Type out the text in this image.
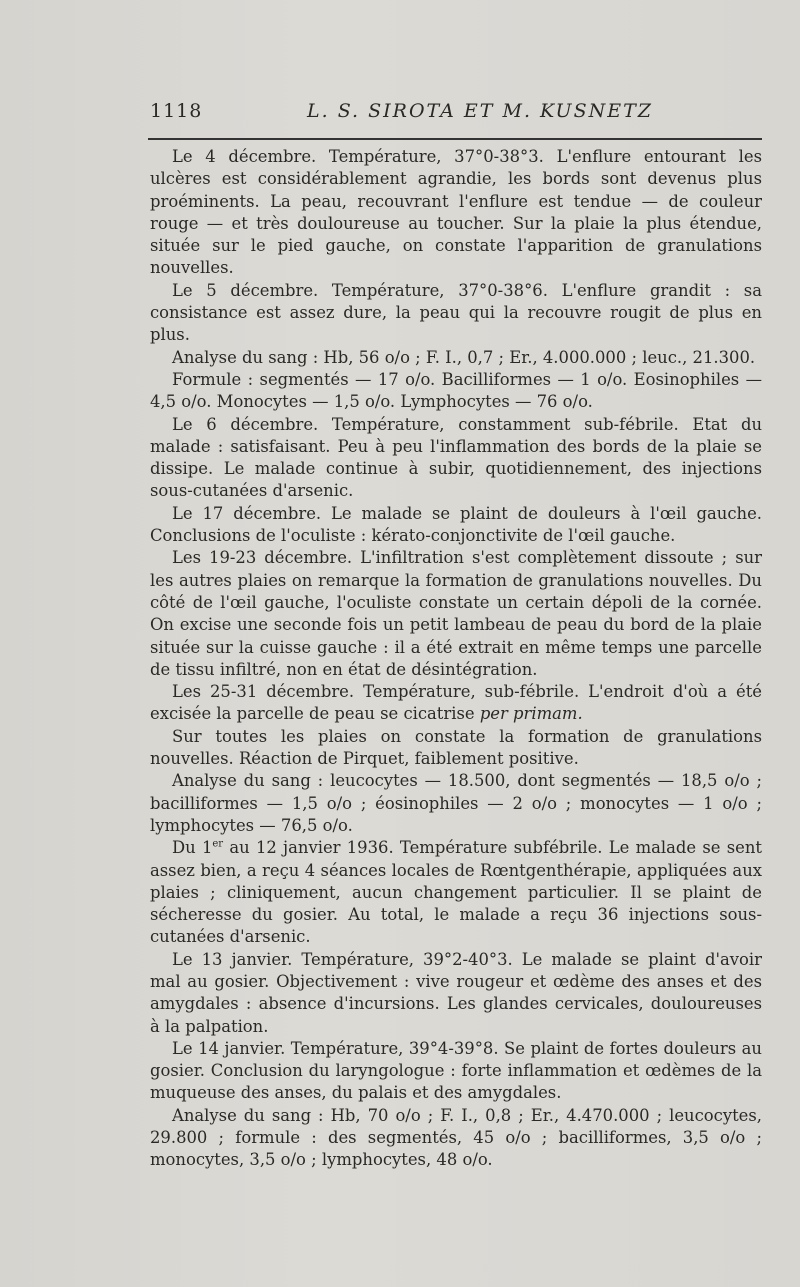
1118	L. S. SIROTA ET M. KUSNETZ

Le 4 décembre. Température, 37°0-38°3. L'enflure entourant les ulcères est considérablement agrandie, les bords sont devenus plus proéminents. La peau, recouvrant l'enflure est tendue — de couleur rouge — et très douloureuse au toucher. Sur la plaie la plus étendue, située sur le pied gauche, on constate l'apparition de granulations nouvelles.

Le 5 décembre. Température, 37°0-38°6. L'enflure grandit : sa consistance est assez dure, la peau qui la recouvre rougit de plus en plus.

Analyse du sang : Hb, 56 o/o ; F. I., 0,7 ; Er., 4.000.000 ; leuc., 21.300.

Formule : segmentés — 17 o/o. Bacilliformes — 1 o/o. Eosinophiles — 4,5 o/o. Monocytes — 1,5 o/o. Lymphocytes — 76 o/o.

Le 6 décembre. Température, constamment sub-fébrile. Etat du malade : satisfaisant. Peu à peu l'inflammation des bords de la plaie se dissipe. Le malade continue à subir, quotidiennement, des injections sous-cutanées d'arsenic.

Le 17 décembre. Le malade se plaint de douleurs à l'œil gauche. Conclusions de l'oculiste : kérato-conjonctivite de l'œil gauche.

Les 19-23 décembre. L'infiltration s'est complètement dissoute ; sur les autres plaies on remarque la formation de granulations nouvelles. Du côté de l'œil gauche, l'oculiste constate un certain dépoli de la cornée. On excise une seconde fois un petit lambeau de peau du bord de la plaie située sur la cuisse gauche : il a été extrait en même temps une parcelle de tissu infiltré, non en état de désintégration.

Les 25-31 décembre. Température, sub-fébrile. L'endroit d'où a été excisée la parcelle de peau se cicatrise per primam.

Sur toutes les plaies on constate la formation de granulations nouvelles. Réaction de Pirquet, faiblement positive.

Analyse du sang : leucocytes — 18.500, dont segmentés — 18,5 o/o ; bacilliformes — 1,5 o/o ; éosinophiles — 2 o/o ; monocytes — 1 o/o ; lymphocytes — 76,5 o/o.

Du 1er au 12 janvier 1936. Température subfébrile. Le malade se sent assez bien, a reçu 4 séances locales de Rœntgenthérapie, appliquées aux plaies ; cliniquement, aucun changement particulier. Il se plaint de sécheresse du gosier. Au total, le malade a reçu 36 injections sous-cutanées d'arsenic.

Le 13 janvier. Température, 39°2-40°3. Le malade se plaint d'avoir mal au gosier. Objectivement : vive rougeur et œdème des anses et des amygdales : absence d'incursions. Les glandes cervicales, douloureuses à la palpation.

Le 14 janvier. Température, 39°4-39°8. Se plaint de fortes douleurs au gosier. Conclusion du laryngologue : forte inflammation et œdèmes de la muqueuse des anses, du palais et des amygdales.

Analyse du sang : Hb, 70 o/o ; F. I., 0,8 ; Er., 4.470.000 ; leucocytes, 29.800 ; formule : des segmentés, 45 o/o ; bacilliformes, 3,5 o/o ; monocytes, 3,5 o/o ; lymphocytes, 48 o/o.
